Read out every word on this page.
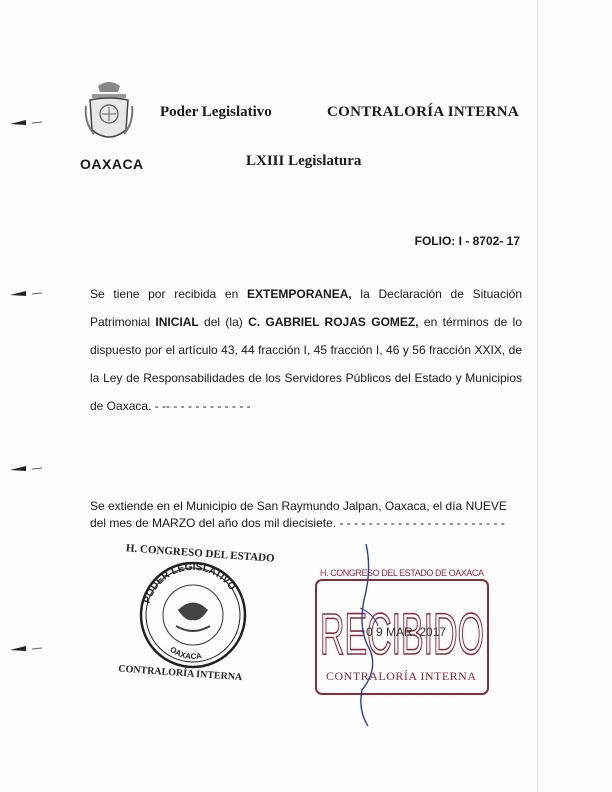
OAXACA
Poder Legislativo	CONTRALORÍA INTERNA
LXIII Legislatura
FOLIO: I - 8702- 17
Se tiene por recibida en EXTEMPORANEA, la Declaración de Situación Patrimonial INICIAL del (la) C. GABRIEL ROJAS GOMEZ, en términos de lo dispuesto por el artículo 43, 44 fracción I, 45 fracción I, 46 y 56 fracción XXIX, de la Ley de Responsabilidades de los Servidores Públicos del Estado y Municipios de Oaxaca. - -- - - - - - - - - - - -
Se extiende en el Municipio de San Raymundo Jalpan, Oaxaca, el día NUEVE del mes de MARZO del año dos mil diecisiete. - - - - - - - - - - - - - - - - - - - - - - -
H. CONGRESO DEL ESTADO
PODER LEGISLATIVO
OAXACA
CONTRALORÍA INTERNA
H. CONGRESO DEL ESTADO DE OAXACA
RECIBIDO
0 9 MAR. 2017
CONTRALORÍA INTERNA
